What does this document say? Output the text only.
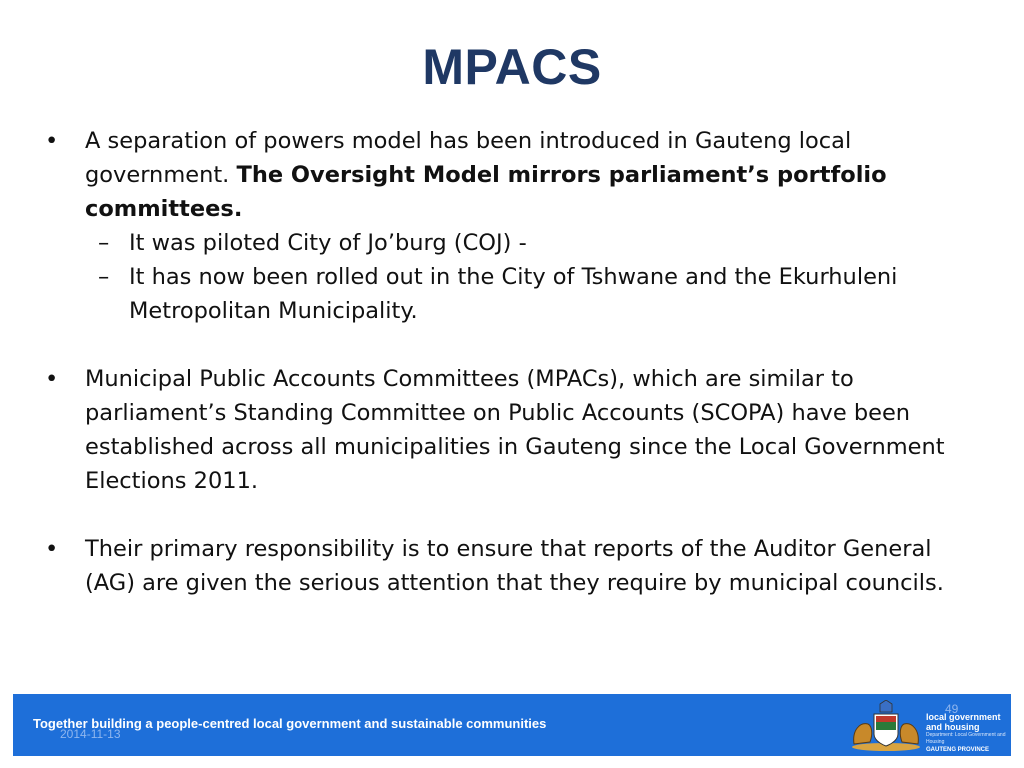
MPACS
•	A separation of powers model has been introduced in Gauteng local government. The Oversight Model mirrors parliament’s portfolio committees.
– It was piloted City of Jo’burg (COJ) -
– It has now been rolled out in the City of Tshwane and the Ekurhuleni Metropolitan Municipality.
•	Municipal Public Accounts Committees (MPACs), which are similar to parliament’s Standing Committee on Public Accounts (SCOPA) have been established across all municipalities in Gauteng since the Local Government Elections 2011.
•	Their primary responsibility is to ensure that reports of the Auditor General (AG) are given the serious attention that they require by municipal councils.
Together building a people-centred local government and sustainable communities
2014-11-13
49
local government
and housing
Department: Local Government and Housing
GAUTENG PROVINCE
